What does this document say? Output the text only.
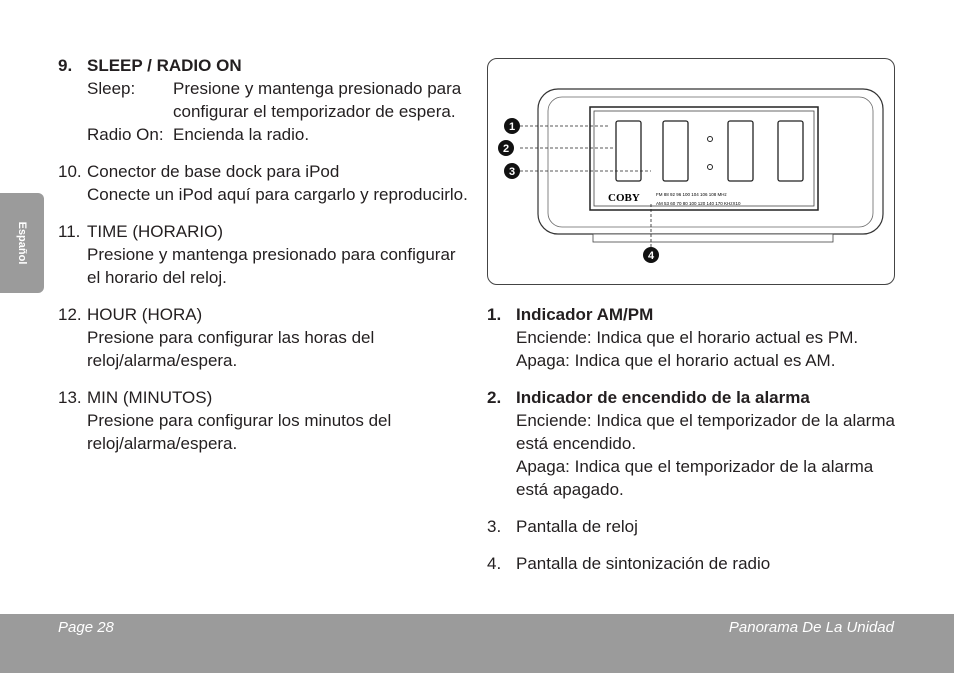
Español
9. SLEEP / RADIO ON
Sleep:	Presione y mantenga presionado para configurar el temporizador de espera.
Radio On: Encienda la radio.
10. Conector de base dock para iPod
Conecte un iPod aquí para cargarlo y reproducirlo.
11. TIME (HORARIO)
Presione y mantenga presionado para configurar el horario del reloj.
12. HOUR (HORA)
Presione para configurar las horas del reloj/alarma/espera.
13. MIN (MINUTOS)
Presione para configurar los minutos del reloj/alarma/espera.
COBY	FM 88 92 96 100 104 106 108 MHz
AM 53 60 70 80 100 120 140 170 KHzX10
1
2
3
4
1. Indicador AM/PM
Enciende: Indica que el horario actual es PM.
Apaga: Indica que el horario actual es AM.
2. Indicador de encendido de la alarma
Enciende: Indica que el temporizador de la alarma está encendido.
Apaga: Indica que el temporizador de la alarma está apagado.
3. Pantalla de reloj
4. Pantalla de sintonización de radio
Page 28	Panorama De La Unidad
